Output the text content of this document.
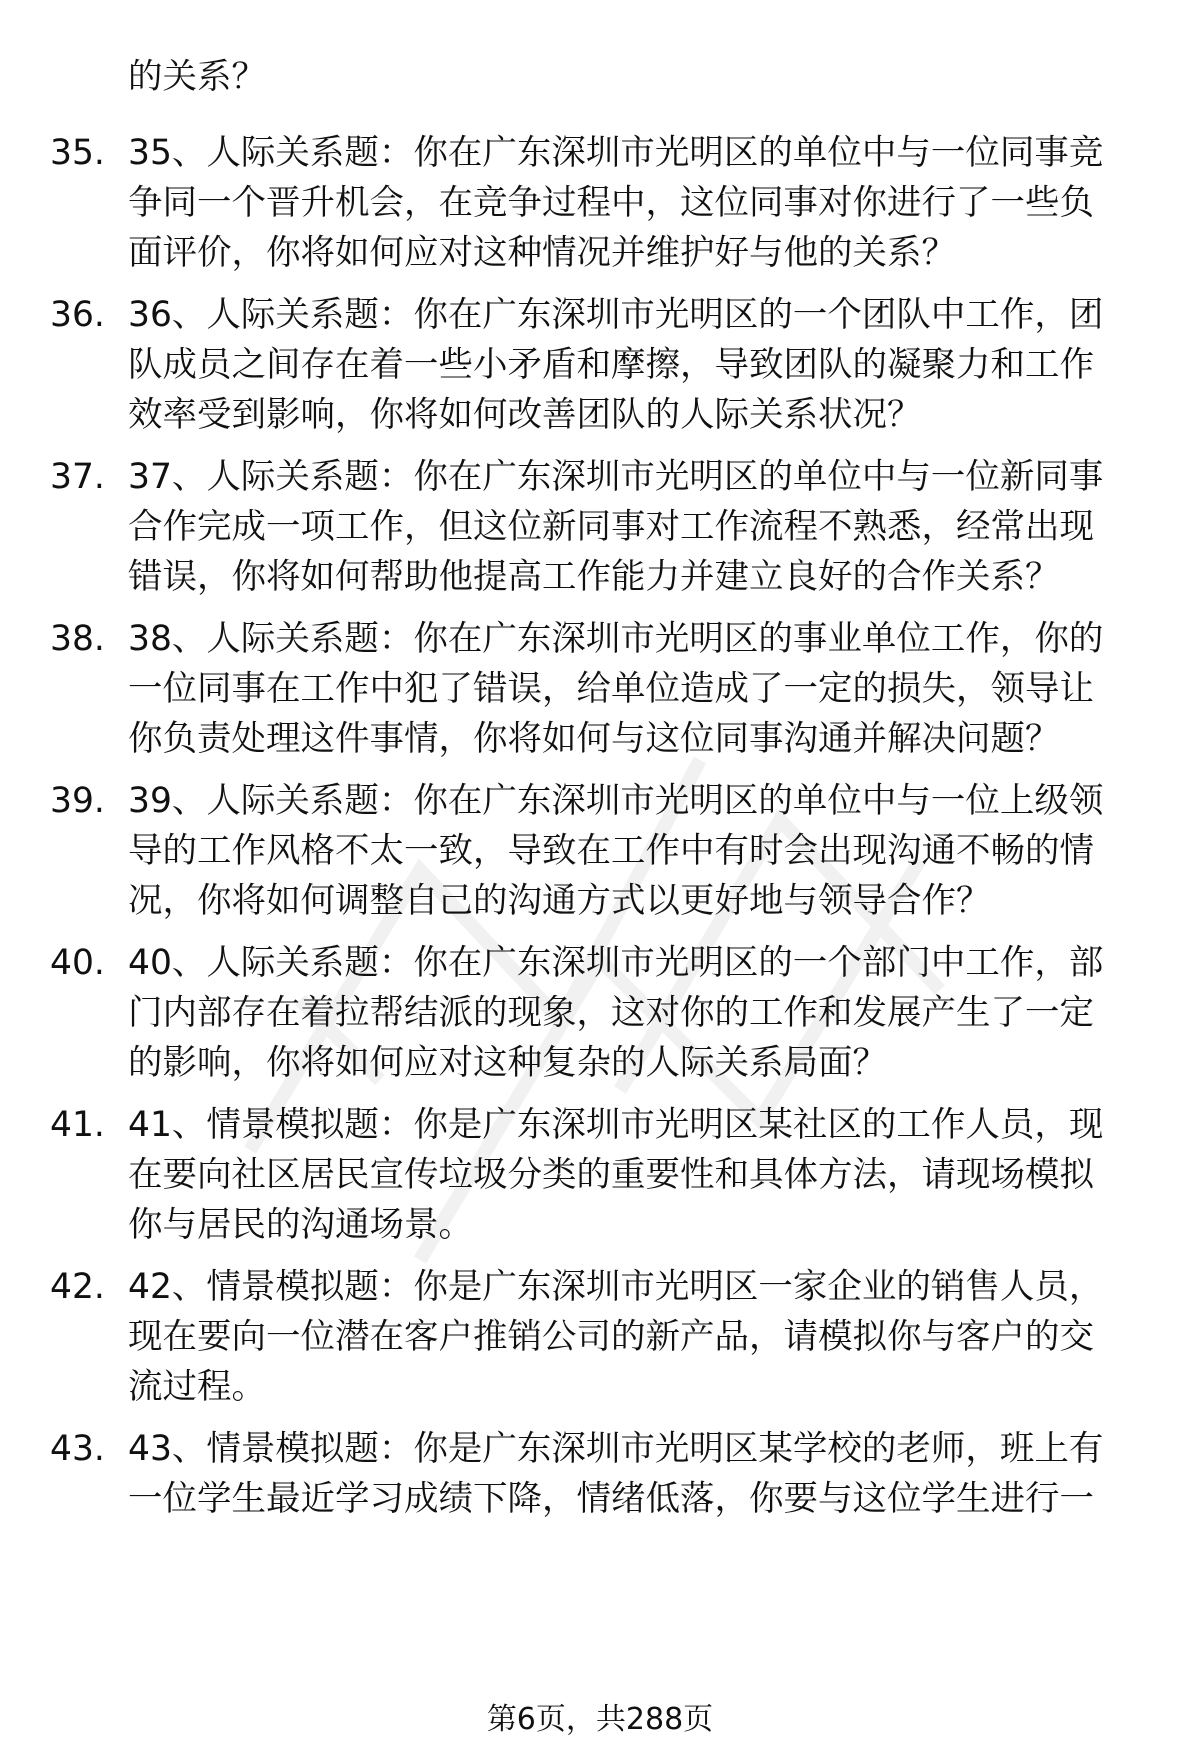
的关系？
35. 35、人际关系题：你在广东深圳市光明区的单位中与一位同事竞
争同一个晋升机会，在竞争过程中，这位同事对你进行了一些负
面评价，你将如何应对这种情况并维护好与他的关系？
36. 36、人际关系题：你在广东深圳市光明区的一个团队中工作，团
队成员之间存在着一些小矛盾和摩擦，导致团队的凝聚力和工作
效率受到影响，你将如何改善团队的人际关系状况？
37. 37、人际关系题：你在广东深圳市光明区的单位中与一位新同事
合作完成一项工作，但这位新同事对工作流程不熟悉，经常出现
错误，你将如何帮助他提高工作能力并建立良好的合作关系？
38. 38、人际关系题：你在广东深圳市光明区的事业单位工作，你的
一位同事在工作中犯了错误，给单位造成了一定的损失，领导让
你负责处理这件事情，你将如何与这位同事沟通并解决问题？
39. 39、人际关系题：你在广东深圳市光明区的单位中与一位上级领
导的工作风格不太一致，导致在工作中有时会出现沟通不畅的情
况，你将如何调整自己的沟通方式以更好地与领导合作？
40. 40、人际关系题：你在广东深圳市光明区的一个部门中工作，部
门内部存在着拉帮结派的现象，这对你的工作和发展产生了一定
的影响，你将如何应对这种复杂的人际关系局面？
41. 41、情景模拟题：你是广东深圳市光明区某社区的工作人员，现
在要向社区居民宣传垃圾分类的重要性和具体方法，请现场模拟
你与居民的沟通场景。
42. 42、情景模拟题：你是广东深圳市光明区一家企业的销售人员，
现在要向一位潜在客户推销公司的新产品，请模拟你与客户的交
流过程。
43. 43、情景模拟题：你是广东深圳市光明区某学校的老师，班上有
一位学生最近学习成绩下降，情绪低落，你要与这位学生进行一
第6页，共288页
